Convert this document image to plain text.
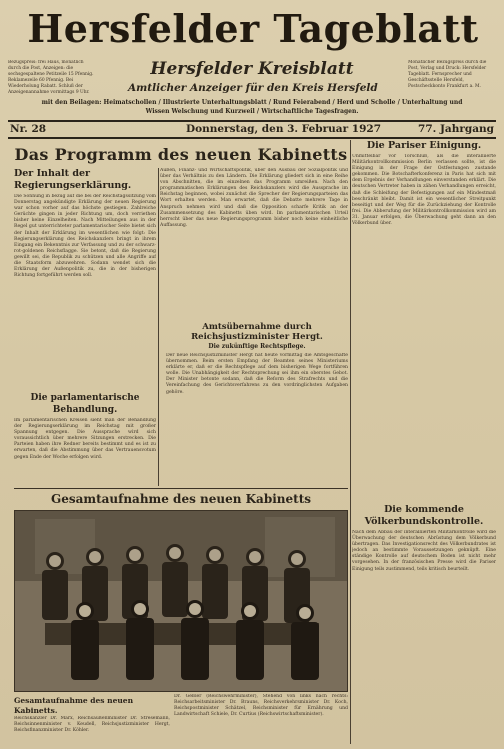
Hersfelder Tageblatt
Bezugspreis: frei Haus, monatlich durch die Post, Anzeigen: die sechsgespaltene Petitzeile 15 Pfennig. Reklamezeile 60 Pfennig. Bei Wiederholung Rabatt. Schluß der Anzeigenannahme vormittags 9 Uhr.
Hersfelder Kreisblatt
Amtlicher Anzeiger für den Kreis Hersfeld
Monatlicher Bezugspreis durch die Post, Verlag und Druck: Hersfelder Tageblatt. Fernsprecher und Geschäftsstelle Hersfeld, Postscheckkonto Frankfurt a. M.
mit den Beilagen: Heimatschollen / Illustrierte Unterhaltungsblatt / Rund Feierabend / Herd und Scholle / Unterhaltung und Wissen Welschung und Kurzweil / Wirtschaftliche Tagesfragen.
Nr. 28	Donnerstag, den 3. Februar 1927	77. Jahrgang
Das Programm des neuen Kabinetts
Der Inhalt der Regierungserklärung.
Die Sonnung in bezug auf die bei der Reichstagssitzung vom Donnerstag angekündigte Erklärung der neuen Regierung war schon vorher auf das höchste gestiegen. Zahlreiche Gerüchte gingen in jeder Richtung um, doch verriethen bisher keine Einzelheiten. Nach Mitteilungen aus in der Regel gut unterrichteter parlamentarischer Seite bietet sich der Inhalt der Erklärung im wesentlichen wie folgt: Die Regierungserklärung des Reichskanzlers bringt in ihrem Eingang ein Bekenntnis zur Verfassung und zu der schwarz-rot-goldenen Reichsflagge. Sie betont, daß die Regierung gewillt sei, die Republik zu schützen und alle Angriffe auf die Staatsform abzuwehren. Sodann wendet sich die Erklärung der Außenpolitik zu, die in der bisherigen Richtung fortgeführt werden soll.
Außen, Finanz- und Wirtschaftspolitik, über den Ausbau der Sozialpolitik und über das Verhältnis zu den Ländern. Die Erklärung gliedert sich in eine Reihe von Abschnitten, die im einzelnen das Programm umreißen. Nach den programmatischen Erklärungen des Reichskanzlers wird die Aussprache im Reichstag beginnen, wobei zunächst die Sprecher der Regierungsparteien das Wort erhalten werden. Man erwartet, daß die Debatte mehrere Tage in Anspruch nehmen wird und daß die Opposition scharfe Kritik an der Zusammensetzung des Kabinetts üben wird. Im parlamentarischen Urteil herrscht über das neue Regierungsprogramm bisher noch keine einheitliche Auffassung.
Die parlamentarische Behandlung.
Im parlamentarischen Kreisen sieht man der Behandlung der Regierungserklärung im Reichstag mit großer Spannung entgegen. Die Aussprache wird sich voraussichtlich über mehrere Sitzungen erstrecken. Die Parteien haben ihre Redner bereits bestimmt und es ist zu erwarten, daß die Abstimmung über das Vertrauensvotum gegen Ende der Woche erfolgen wird.
Amtsübernahme durch Reichsjustizminister Hergt.
Die zukünftige Rechtspflege.
Der neue Reichsjustizminister Hergt hat heute vormittag die Amtsgeschäfte übernommen. Beim ersten Empfang der Beamten seines Ministeriums erklärte er, daß er die Rechtspflege auf dem bisherigen Wege fortführen wolle. Die Unabhängigkeit der Rechtsprechung sei ihm ein oberstes Gebot. Der Minister betonte sodann, daß die Reform des Strafrechts und die Vereinfachung des Gerichtsverfahrens zu den vordringlichsten Aufgaben gehöre.
Die Pariser Einigung.
Unmittelbar vor Torschluß, als die interalliierte Militärkontrollkommission Berlin verlassen sollte, ist die Einigung in der Frage der Ostfestungen zustande gekommen. Die Botschafterkonferenz in Paris hat sich mit dem Ergebnis der Verhandlungen einverstanden erklärt. Die deutschen Vertreter haben in zähen Verhandlungen erreicht, daß die Schleifung der Befestigungen auf ein Mindestmaß beschränkt bleibt. Damit ist ein wesentlicher Streitpunkt beseitigt und der Weg für die Zurückziehung der Kontrolle frei. Die Abberufung der Militärkontrollkommission wird am 31. Januar erfolgen, die Überwachung geht dann an den Völkerbund über.
Die kommende Völkerbundskontrolle.
Nach dem Abbau der interalliierten Militärkontrolle wird die Überwachung der deutschen Abrüstung dem Völkerbund übertragen. Das Investigationsrecht des Völkerbundrates ist jedoch an bestimmte Voraussetzungen geknüpft. Eine ständige Kontrolle auf deutschem Boden ist nicht mehr vorgesehen. In der französischen Presse wird die Pariser Einigung teils zustimmend, teils kritisch beurteilt.
Gesamtaufnahme des neuen Kabinetts
Gesamtaufnahme des neuen Kabinetts.
Reichskanzler Dr. Marx, Reichsaußenminister Dr. Stresemann, Reichsinnenminister v. Keudell, Reichsjustizminister Hergt, Reichsfinanzminister Dr. Köhler.
Dr. Geßler (Reichswehrminister), Stehend von links nach rechts: Reichsarbeitsminister Dr. Brauns, Reichsverkehrsminister Dr. Koch, Reichspostminister Schätzel, Reichsminister für Ernährung und Landwirtschaft Schiele, Dr. Curtius (Reichswirtschaftsminister).
